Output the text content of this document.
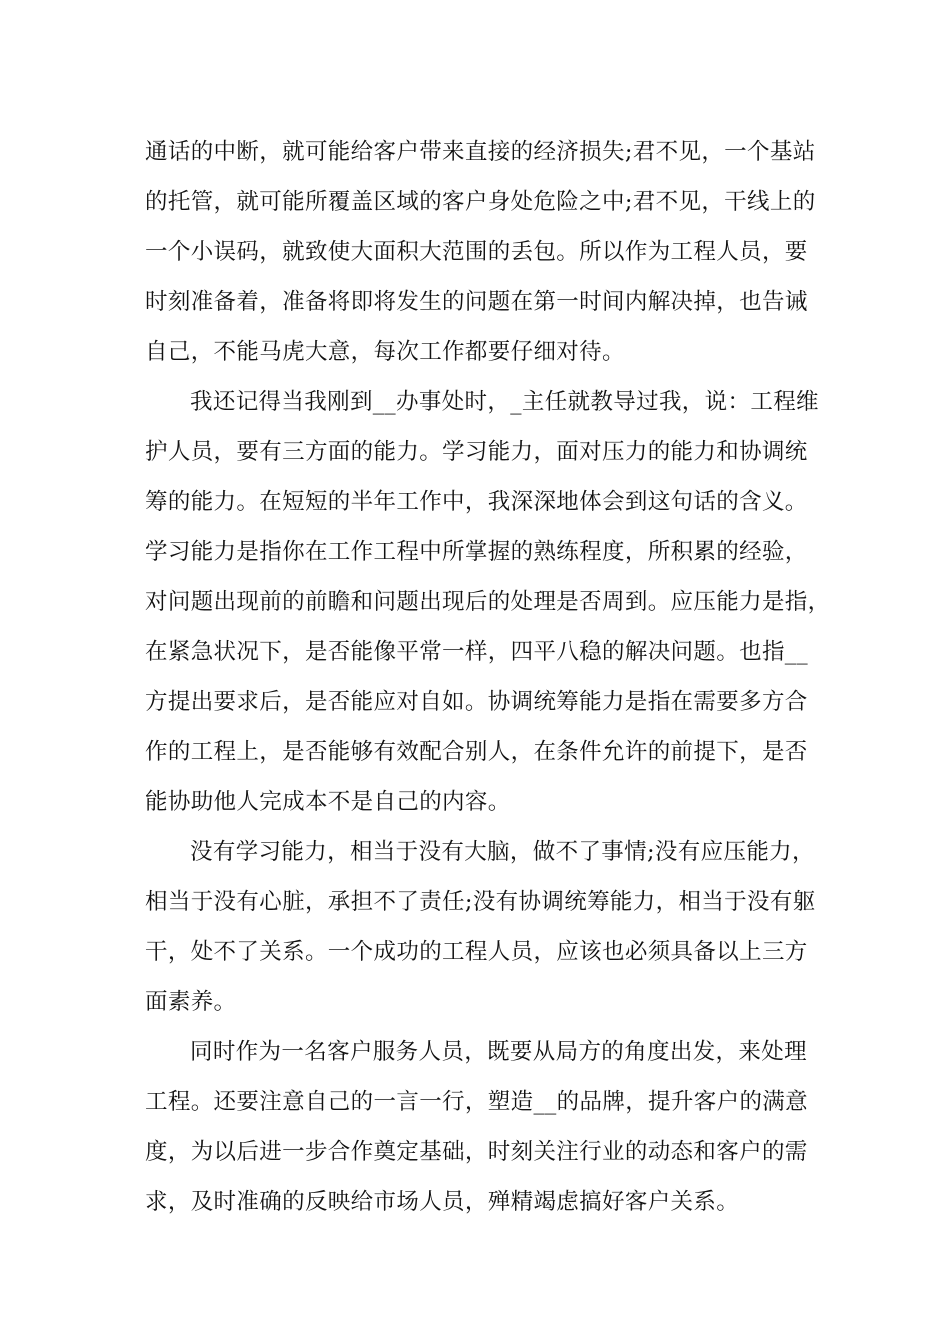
通话的中断，就可能给客户带来直接的经济损失;君不见，一个基站
的托管，就可能所覆盖区域的客户身处危险之中;君不见，干线上的
一个小误码，就致使大面积大范围的丢包。所以作为工程人员，要
时刻准备着，准备将即将发生的问题在第一时间内解决掉，也告诫
自己，不能马虎大意，每次工作都要仔细对待。
我还记得当我刚到__办事处时，_主任就教导过我，说：工程维
护人员，要有三方面的能力。学习能力，面对压力的能力和协调统
筹的能力。在短短的半年工作中，我深深地体会到这句话的含义。
学习能力是指你在工作工程中所掌握的熟练程度，所积累的经验，
对问题出现前的前瞻和问题出现后的处理是否周到。应压能力是指，
在紧急状况下，是否能像平常一样，四平八稳的解决问题。也指__
方提出要求后，是否能应对自如。协调统筹能力是指在需要多方合
作的工程上，是否能够有效配合别人，在条件允许的前提下，是否
能协助他人完成本不是自己的内容。
没有学习能力，相当于没有大脑，做不了事情;没有应压能力，
相当于没有心脏，承担不了责任;没有协调统筹能力，相当于没有躯
干，处不了关系。一个成功的工程人员，应该也必须具备以上三方
面素养。
同时作为一名客户服务人员，既要从局方的角度出发，来处理
工程。还要注意自己的一言一行，塑造__的品牌，提升客户的满意
度，为以后进一步合作奠定基础，时刻关注行业的动态和客户的需
求，及时准确的反映给市场人员，殚精竭虑搞好客户关系。
